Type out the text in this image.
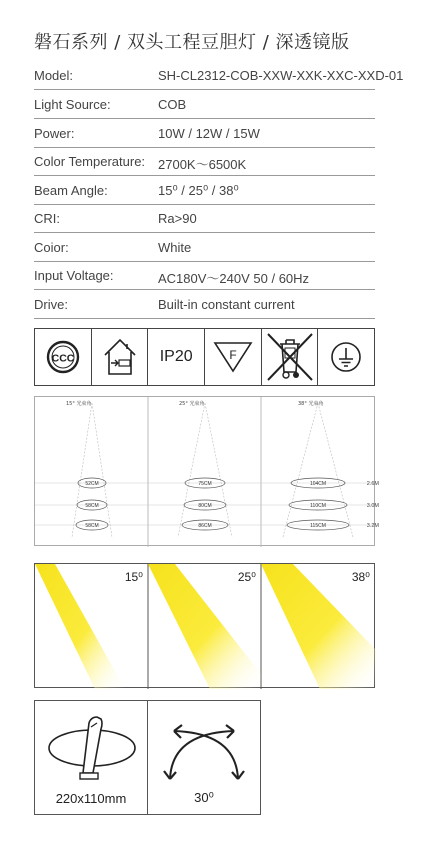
磐石系列 / 双头工程豆胆灯 / 深透镜版
Model:	SH-CL2312-COB-XXW-XXK-XXC-XXD-01
Light Source:	COB
Power:	10W / 12W / 15W
Color Temperature: 2700K～6500K
Beam Angle:	15⁰ / 25⁰ / 38⁰
CRI:	Ra>90
Coior:	White
Input Voltage:	AC180V～240V 50 / 60Hz
Drive:	Built-in constant current
CCC	IP20	F
52CM
58CM
58CM
75CM
80CM
86CM
104CM
110CM
115CM
15° 光束角	25° 光束角	38° 光束角
2.6M
3.0M
3.2M
15⁰	25⁰	38⁰
220x110mm	30⁰
